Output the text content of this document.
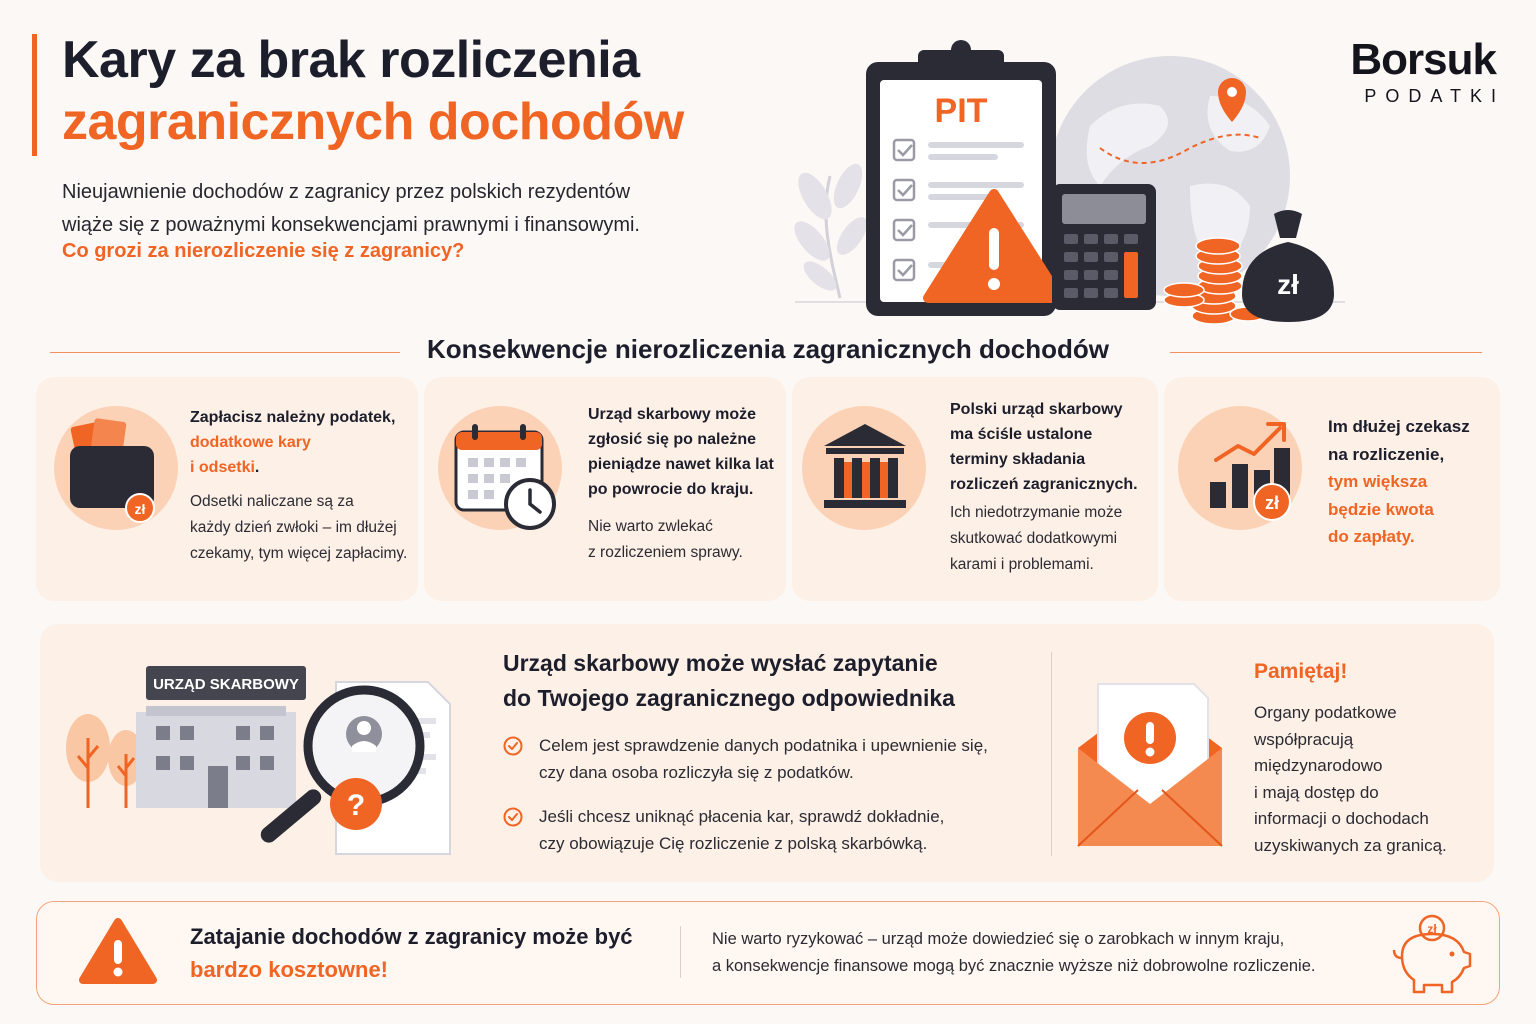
Kary za brak rozliczenia
zagranicznych dochodów
Nieujawnienie dochodów z zagranicy przez polskich rezydentów
wiąże się z poważnymi konsekwencjami prawnymi i finansowymi.
Co grozi za nierozliczenie się z zagranicy?
Borsuk
PODATKI
PIT
zł
Konsekwencje nierozliczenia zagranicznych dochodów
zł
Zapłacisz należny podatek,
dodatkowe kary
i odsetki.
Odsetki naliczane są za
każdy dzień zwłoki – im dłużej
czekamy, tym więcej zapłacimy.
Urząd skarbowy może
zgłosić się po należne
pieniądze nawet kilka lat
po powrocie do kraju.
Nie warto zwlekać
z rozliczeniem sprawy.
Polski urząd skarbowy
ma ściśle ustalone
terminy składania
rozliczeń zagranicznych.
Ich niedotrzymanie może
skutkować dodatkowymi
karami i problemami.
zł
Im dłużej czekasz
na rozliczenie,
tym większa
będzie kwota
do zapłaty.
URZĄD SKARBOWY
?
Urząd skarbowy może wysłać zapytanie
do Twojego zagranicznego odpowiednika
Celem jest sprawdzenie danych podatnika i upewnienie się,
czy dana osoba rozliczyła się z podatków.
Jeśli chcesz uniknąć płacenia kar, sprawdź dokładnie,
czy obowiązuje Cię rozliczenie z polską skarbówką.
Pamiętaj!
Organy podatkowe
współpracują
międzynarodowo
i mają dostęp do
informacji o dochodach
uzyskiwanych za granicą.
Zatajanie dochodów z zagranicy może być
bardzo kosztowne!
Nie warto ryzykować – urząd może dowiedzieć się o zarobkach w innym kraju,
a konsekwencje finansowe mogą być znacznie wyższe niż dobrowolne rozliczenie.
zł
